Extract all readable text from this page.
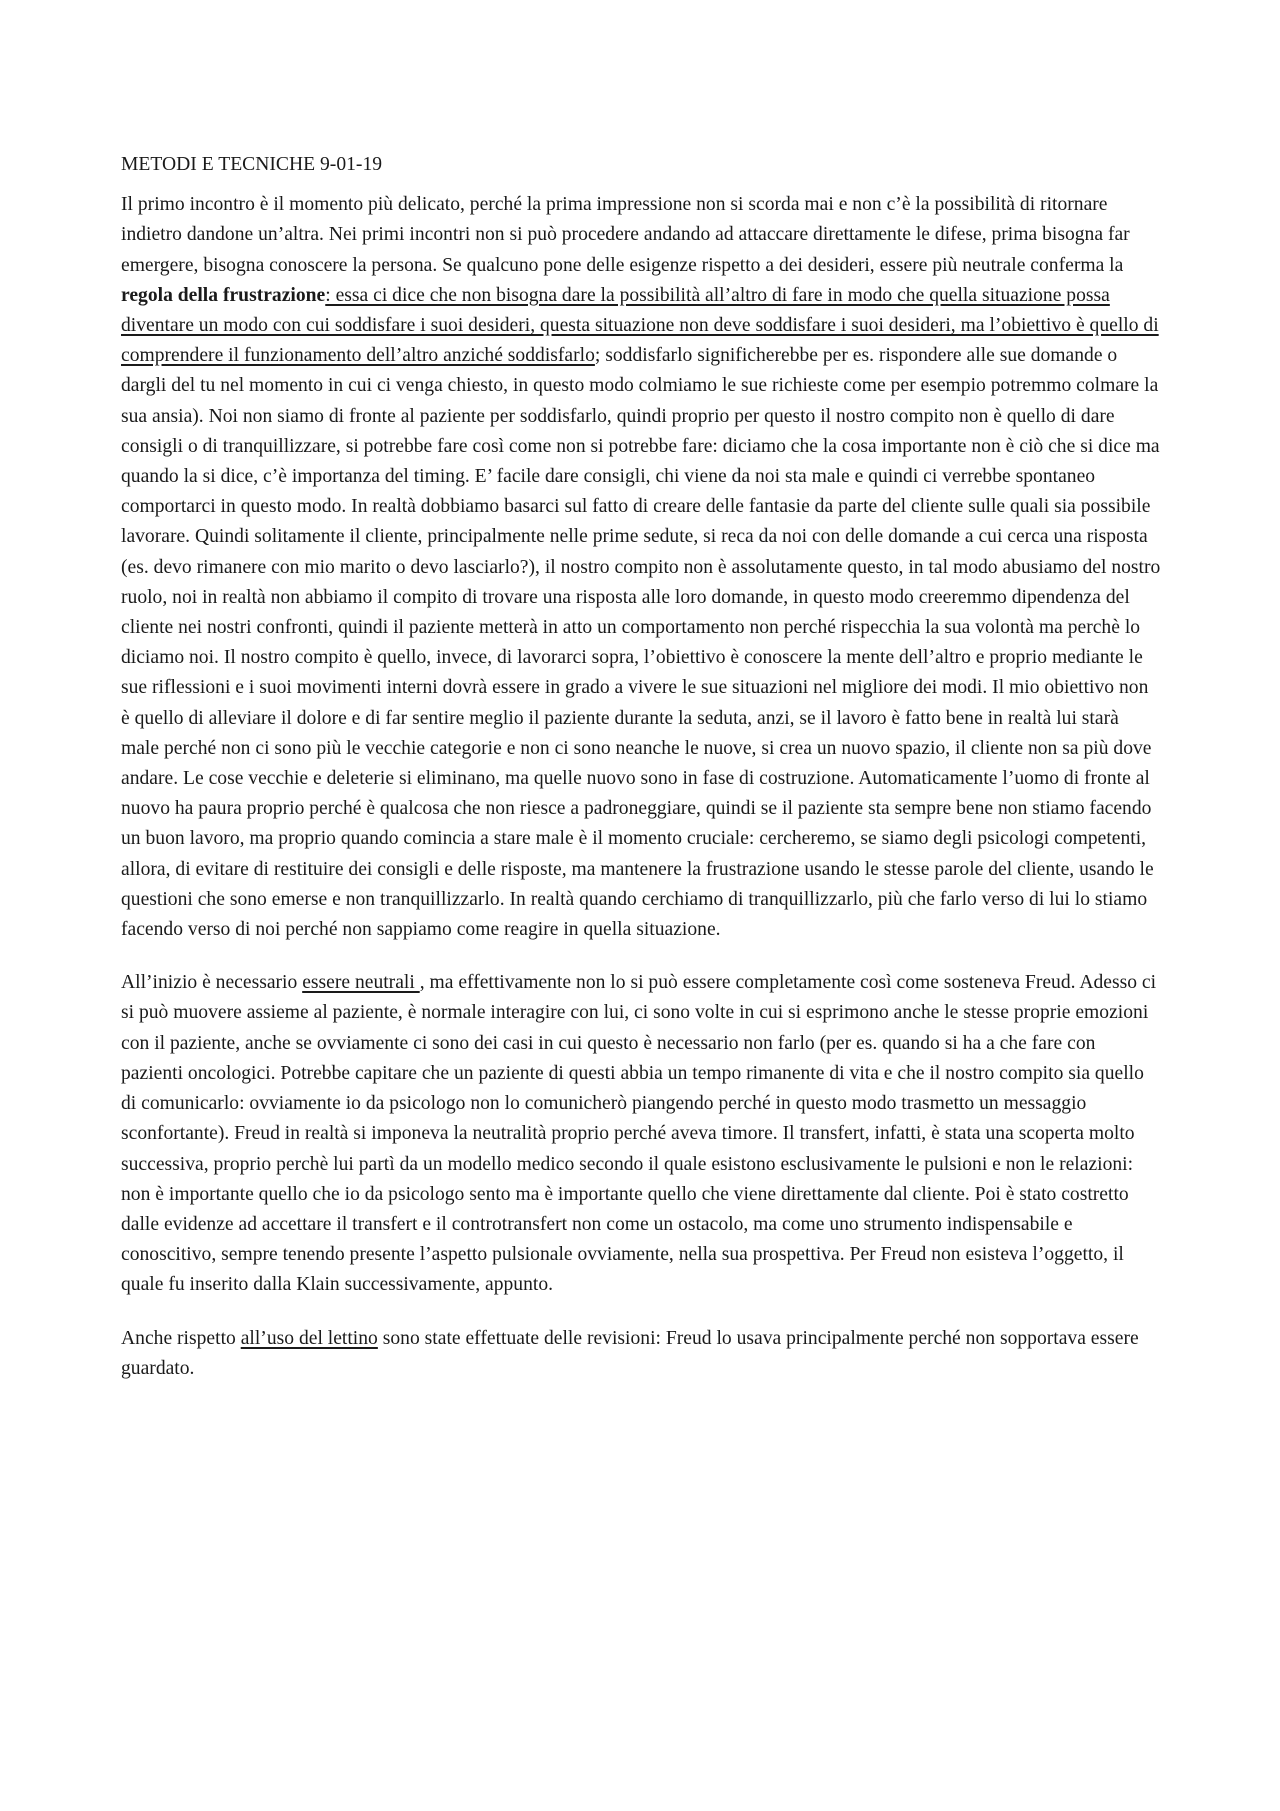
METODI E TECNICHE 9-01-19

Il primo incontro è il momento più delicato, perché la prima impressione non si scorda mai e non c’è la possibilità di ritornare indietro dandone un’altra. Nei primi incontri non si può procedere andando ad attaccare direttamente le difese, prima bisogna far emergere, bisogna conoscere la persona. Se qualcuno pone delle esigenze rispetto a dei desideri, essere più neutrale conferma la regola della frustrazione: essa ci dice che non bisogna dare la possibilità all’altro di fare in modo che quella situazione possa diventare un modo con cui soddisfare i suoi desideri, questa situazione non deve soddisfare i suoi desideri, ma l’obiettivo è quello di comprendere il funzionamento dell’altro anziché soddisfarlo; soddisfarlo significherebbe per es. rispondere alle sue domande o dargli del tu nel momento in cui ci venga chiesto, in questo modo colmiamo le sue richieste come per esempio potremmo colmare la sua ansia). Noi non siamo di fronte al paziente per soddisfarlo, quindi proprio per questo il nostro compito non è quello di dare consigli o di tranquillizzare, si potrebbe fare così come non si potrebbe fare: diciamo che la cosa importante non è ciò che si dice ma quando la si dice, c’è importanza del timing. E’ facile dare consigli, chi viene da noi sta male e quindi ci verrebbe spontaneo comportarci in questo modo. In realtà dobbiamo basarci sul fatto di creare delle fantasie da parte del cliente sulle quali sia possibile lavorare. Quindi solitamente il cliente, principalmente nelle prime sedute, si reca da noi con delle domande a cui cerca una risposta (es. devo rimanere con mio marito o devo lasciarlo?), il nostro compito non è assolutamente questo, in tal modo abusiamo del nostro ruolo, noi in realtà non abbiamo il compito di trovare una risposta alle loro domande, in questo modo creeremmo dipendenza del cliente nei nostri confronti, quindi il paziente metterà in atto un comportamento non perché rispecchia la sua volontà ma perchè lo diciamo noi. Il nostro compito è quello, invece, di lavorarci sopra, l’obiettivo è conoscere la mente dell’altro e proprio mediante le sue riflessioni e i suoi movimenti interni dovrà essere in grado a vivere le sue situazioni nel migliore dei modi. Il mio obiettivo non è quello di alleviare il dolore e di far sentire meglio il paziente durante la seduta, anzi, se il lavoro è fatto bene in realtà lui starà male perché non ci sono più le vecchie categorie e non ci sono neanche le nuove, si crea un nuovo spazio, il cliente non sa più dove andare. Le cose vecchie e deleterie si eliminano, ma quelle nuovo sono in fase di costruzione. Automaticamente l’uomo di fronte al nuovo ha paura proprio perché è qualcosa che non riesce a padroneggiare, quindi se il paziente sta sempre bene non stiamo facendo un buon lavoro, ma proprio quando comincia a stare male è il momento cruciale: cercheremo, se siamo degli psicologi competenti, allora, di evitare di restituire dei consigli e delle risposte, ma mantenere la frustrazione usando le stesse parole del cliente, usando le questioni che sono emerse e non tranquillizzarlo. In realtà quando cerchiamo di tranquillizzarlo, più che farlo verso di lui lo stiamo facendo verso di noi perché non sappiamo come reagire in quella situazione.

All’inizio è necessario essere neutrali , ma effettivamente non lo si può essere completamente così come sosteneva Freud. Adesso ci si può muovere assieme al paziente, è normale interagire con lui, ci sono volte in cui si esprimono anche le stesse proprie emozioni con il paziente, anche se ovviamente ci sono dei casi in cui questo è necessario non farlo (per es. quando si ha a che fare con pazienti oncologici. Potrebbe capitare che un paziente di questi abbia un tempo rimanente di vita e che il nostro compito sia quello di comunicarlo: ovviamente io da psicologo non lo comunicherò piangendo perché in questo modo trasmetto un messaggio sconfortante). Freud in realtà si imponeva la neutralità proprio perché aveva timore. Il transfert, infatti, è stata una scoperta molto successiva, proprio perchè lui partì da un modello medico secondo il quale esistono esclusivamente le pulsioni e non le relazioni: non è importante quello che io da psicologo sento ma è importante quello che viene direttamente dal cliente. Poi è stato costretto dalle evidenze ad accettare il transfert e il controtransfert non come un ostacolo, ma come uno strumento indispensabile e conoscitivo, sempre tenendo presente l’aspetto pulsionale ovviamente, nella sua prospettiva. Per Freud non esisteva l’oggetto, il quale fu inserito dalla Klain successivamente, appunto.

Anche rispetto all’uso del lettino sono state effettuate delle revisioni: Freud lo usava principalmente perché non sopportava essere guardato.
